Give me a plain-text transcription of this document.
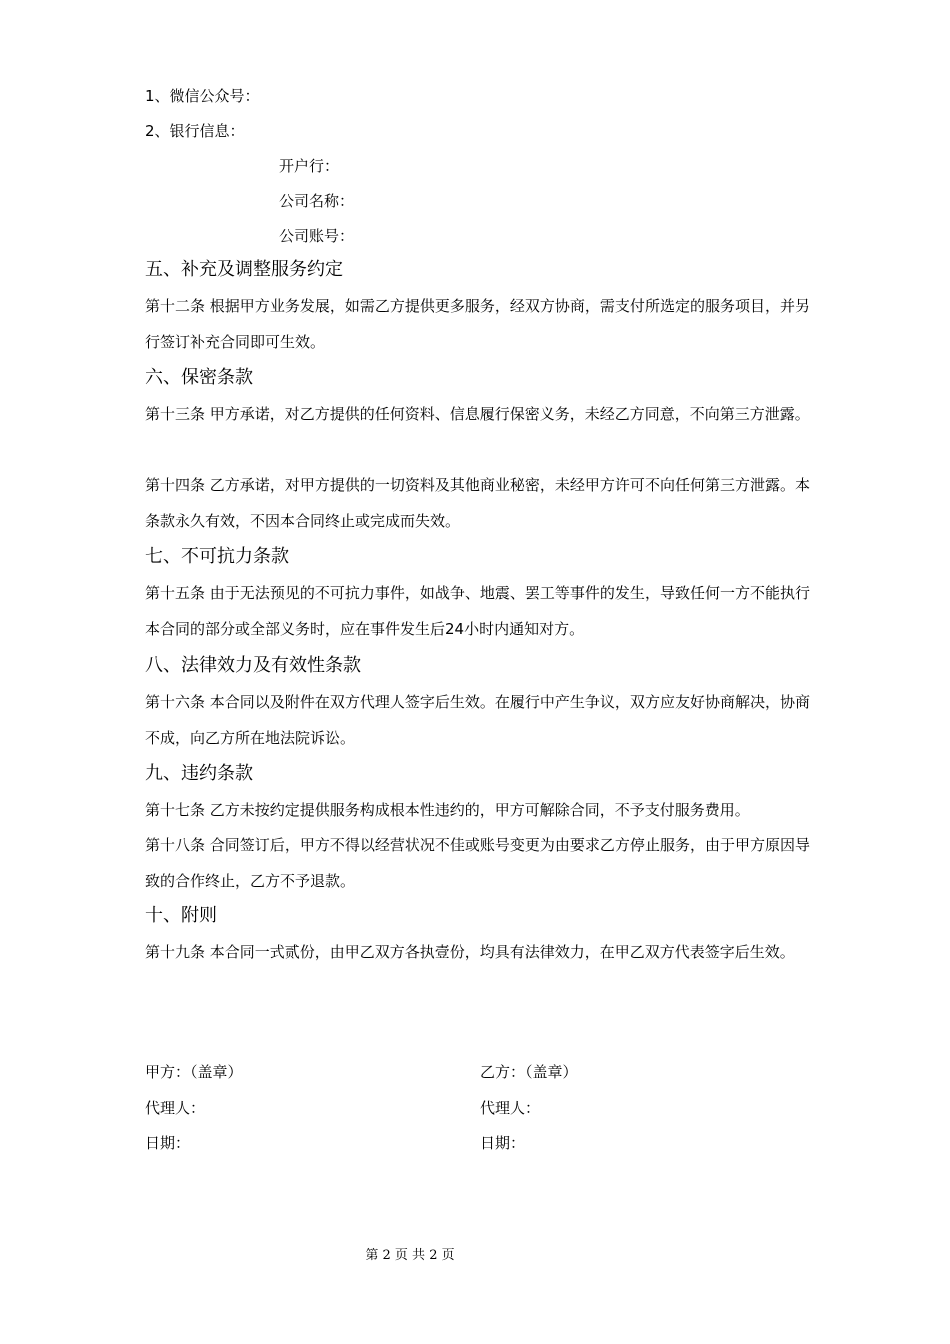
1、微信公众号：
2、银行信息：
开户行：
公司名称：
公司账号：
五、补充及调整服务约定
第十二条 根据甲方业务发展，如需乙方提供更多服务，经双方协商，需支付所选定的服务项目，并另行签订补充合同即可生效。
六、保密条款
第十三条 甲方承诺，对乙方提供的任何资料、信息履行保密义务，未经乙方同意，不向第三方泄露。
第十四条 乙方承诺，对甲方提供的一切资料及其他商业秘密，未经甲方许可不向任何第三方泄露。本条款永久有效，不因本合同终止或完成而失效。
七、不可抗力条款
第十五条 由于无法预见的不可抗力事件，如战争、地震、罢工等事件的发生，导致任何一方不能执行本合同的部分或全部义务时，应在事件发生后24小时内通知对方。
八、法律效力及有效性条款
第十六条 本合同以及附件在双方代理人签字后生效。在履行中产生争议，双方应友好协商解决，协商不成，向乙方所在地法院诉讼。
九、违约条款
第十七条 乙方未按约定提供服务构成根本性违约的，甲方可解除合同，不予支付服务费用。
第十八条 合同签订后，甲方不得以经营状况不佳或账号变更为由要求乙方停止服务，由于甲方原因导致的合作终止，乙方不予退款。
十、附则
第十九条 本合同一式贰份，由甲乙双方各执壹份，均具有法律效力，在甲乙双方代表签字后生效。
甲方：（盖章）	乙方：（盖章）
代理人：	代理人：
日期：	日期：
第 2 页 共 2 页
